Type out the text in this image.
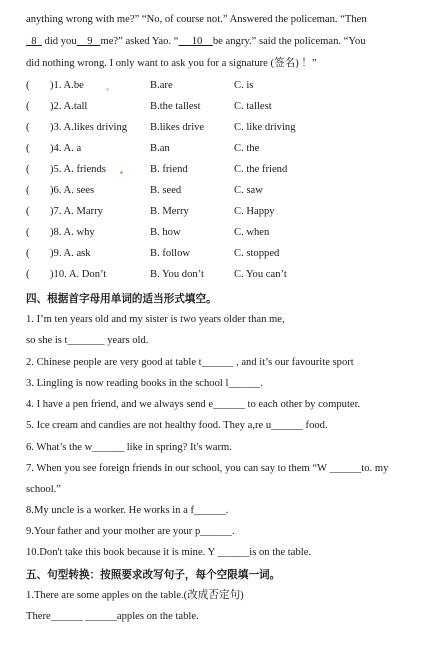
anything wrong with me?” “No, of course not.” Answered the policeman. “Then
8   did you 9 me?” asked Yao. “ 10 be angry.” said the policeman. “You
did nothing wrong. I only want to ask you for a signature (签名) ！”
( )1. A.be	B.are	C. is
( )2. A.tall	B.the tallest	C. tallest
( )3. A.likes driving B.likes drive	C. like driving
( )4. A. a	B.an	C. the
( )5. A. friends	B. friend	C. the friend
( )6. A. sees	B. seed	C. saw
( )7. A. Marry	B. Merry	C. Happy
( )8. A. why	B. how	C. when
( )9. A. ask	B. follow	C. stopped
( )10. A. Don’t	B. You don’t	C. You can’t
四、根据首字母用单词的适当形式填空。
1. I’m ten years old and my sister is two years older than me,
so she is t_______ years old.
2. Chinese people are very good at table t______ , and it’s our favourite sport
3. Lingling is now reading books in the school l______.
4. I have a pen friend, and we always send e______ to each other by computer.
5. Ice cream and candies are not healthy food. They a,re u______ food.
6. What’s the w______ like in spring? It's warm.
7. When you see foreign friends in our school, you can say to them “W ______to. my
school.”
8.My uncle is a worker. He works in a f______.
9.Your father and your mother are your p______.
10.Don't take this book because it is mine. Y ______is on the table.
五、句型转换：按照要求改写句子，每个空限填一词。
1.There are some apples on the table.(改成否定句)
There______ ______apples on the table.
